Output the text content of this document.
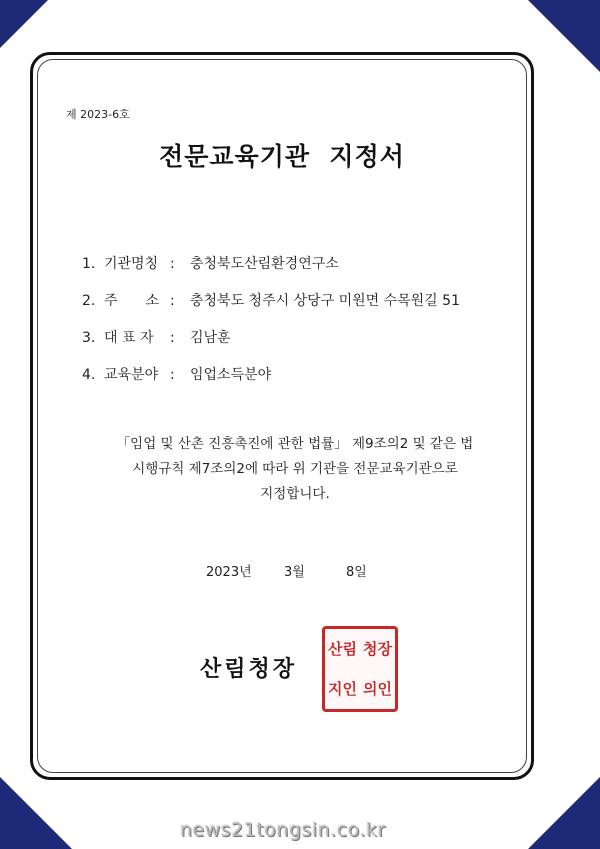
제 2023-6호

전문교육기관  지정서
1. 기관명칭 : 충청북도산림환경연구소
2. 주　　소 : 충청북도 청주시 상당구 미원면 수목원길 51
3. 대 표 자 : 김남훈
4. 교육분야 : 임업소득분야

「임업 및 산촌 진흥촉진에 관한 법률」 제9조의2 및 같은 법
시행규칙 제7조의2에 따라 위 기관을 전문교육기관으로
지정합니다.

2023년 3월	8일

산림청장

산림 청장
지인 의인

news21tongsin.co.kr
